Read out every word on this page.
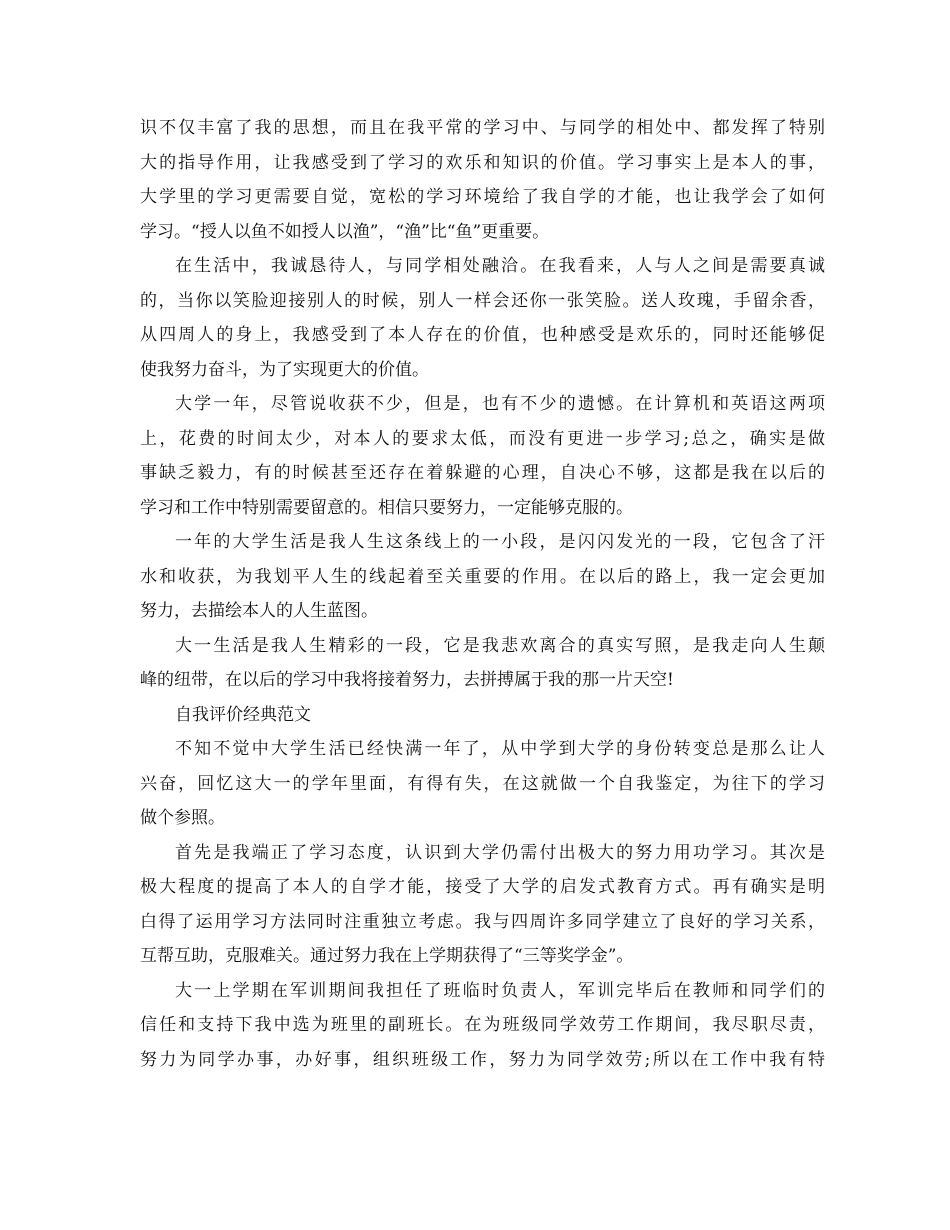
识不仅丰富了我的思想，而且在我平常的学习中、与同学的相处中、都发挥了特别
大的指导作用，让我感受到了学习的欢乐和知识的价值。学习事实上是本人的事，
大学里的学习更需要自觉，宽松的学习环境给了我自学的才能，也让我学会了如何
学习。“授人以鱼不如授人以渔”，“渔”比“鱼”更重要。
在生活中，我诚恳待人，与同学相处融洽。在我看来，人与人之间是需要真诚
的，当你以笑脸迎接别人的时候，别人一样会还你一张笑脸。送人玫瑰，手留余香，
从四周人的身上，我感受到了本人存在的价值，也种感受是欢乐的，同时还能够促
使我努力奋斗，为了实现更大的价值。
大学一年，尽管说收获不少，但是，也有不少的遗憾。在计算机和英语这两项
上，花费的时间太少，对本人的要求太低，而没有更进一步学习;总之，确实是做
事缺乏毅力，有的时候甚至还存在着躲避的心理，自决心不够，这都是我在以后的
学习和工作中特别需要留意的。相信只要努力，一定能够克服的。
一年的大学生活是我人生这条线上的一小段，是闪闪发光的一段，它包含了汗
水和收获，为我划平人生的线起着至关重要的作用。在以后的路上，我一定会更加
努力，去描绘本人的人生蓝图。
大一生活是我人生精彩的一段，它是我悲欢离合的真实写照，是我走向人生颠
峰的纽带，在以后的学习中我将接着努力，去拼搏属于我的那一片天空!
自我评价经典范文
不知不觉中大学生活已经快满一年了，从中学到大学的身份转变总是那么让人
兴奋，回忆这大一的学年里面，有得有失，在这就做一个自我鉴定，为往下的学习
做个参照。
首先是我端正了学习态度，认识到大学仍需付出极大的努力用功学习。其次是
极大程度的提高了本人的自学才能，接受了大学的启发式教育方式。再有确实是明
白得了运用学习方法同时注重独立考虑。我与四周许多同学建立了良好的学习关系，
互帮互助，克服难关。通过努力我在上学期获得了“三等奖学金”。
大一上学期在军训期间我担任了班临时负责人，军训完毕后在教师和同学们的
信任和支持下我中选为班里的副班长。在为班级同学效劳工作期间，我尽职尽责，
努力为同学办事，办好事，组织班级工作，努力为同学效劳;所以在工作中我有特
